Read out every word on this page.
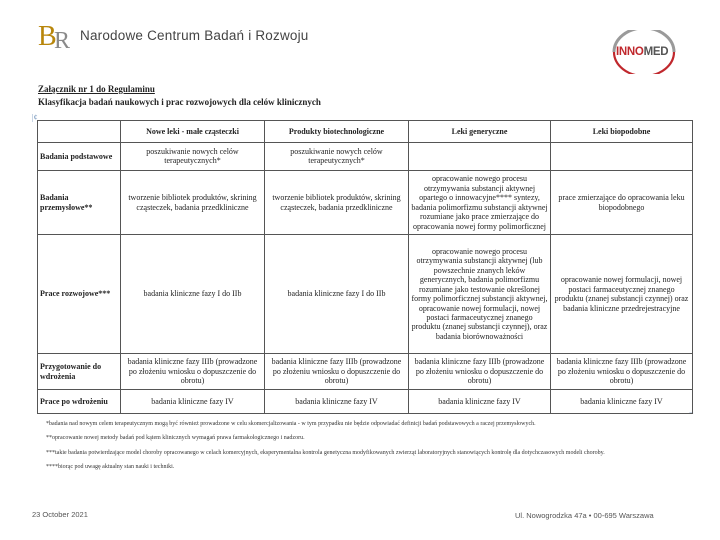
B
R Narodowe Centrum Badań i Rozwoju
INNOMED
Załącznik nr 1 do Regulaminu
Klasyfikacja badań naukowych i prac rozwojowych dla celów klinicznych
|¢
=
	Nowe leki - małe cząsteczki	Produkty biotechnologiczne	Leki generyczne	Leki biopodobne
Badania podstawowe	poszukiwanie nowych celów terapeutycznych*	poszukiwanie nowych celów terapeutycznych*		
Badania przemysłowe**	tworzenie bibliotek produktów, skrining cząsteczek, badania przedkliniczne	tworzenie bibliotek produktów, skrining cząsteczek, badania przedkliniczne	opracowanie nowego procesu otrzymywania substancji aktywnej opartego o innowacyjne**** syntezy, badania polimorfizmu substancji aktywnej rozumiane jako prace zmierzające do opracowania nowej formy polimorficznej	prace zmierzające do opracowania leku biopodobnego
Prace rozwojowe***	badania kliniczne fazy I do IIb	badania kliniczne fazy I do IIb	opracowanie nowego procesu otrzymywania substancji aktywnej (lub powszechnie znanych leków generycznych, badania polimorfizmu rozumiane jako testowanie określonej formy polimorficznej substancji aktywnej, opracowanie nowej formulacji, nowej postaci farmaceutycznej znanego produktu (znanej substancji czynnej), oraz badania biorównoważności	opracowanie nowej formulacji, nowej postaci farmaceutycznej znanego produktu (znanej substancji czynnej) oraz badania kliniczne przedrejestracyjne
Przygotowanie do wdrożenia	badania kliniczne fazy IIIb (prowadzone po złożeniu wniosku o dopuszczenie do obrotu)	badania kliniczne fazy IIIb (prowadzone po złożeniu wniosku o dopuszczenie do obrotu)	badania kliniczne fazy IIIb (prowadzone po złożeniu wniosku o dopuszczenie do obrotu)	badania kliniczne fazy IIIb (prowadzone po złożeniu wniosku o dopuszczenie do obrotu)
Prace po wdrożeniu	badania kliniczne fazy IV	badania kliniczne fazy IV	badania kliniczne fazy IV	badania kliniczne fazy IV
*badania nad nowym celem terapeutycznym mogą być również prowadzone w celu skomercjalizowania - w tym przypadku nie będzie odpowiadać definicji badań podstawowych a raczej przemysłowych.
**opracowanie nowej metody badań pod kątem klinicznych wymagań prawa farmakologicznego i nadzoru.
***takie badania potwierdzające model choroby opracowanego w celach komercyjnych, eksperymentalna kontrola genetyczna modyfikowanych zwierząt laboratoryjnych stanowiących kontrolę dla dotychczasowych modeli choroby.
****biorąc pod uwagę aktualny stan nauki i techniki.
23 October 2021	Ul. Nowogrodzka 47a • 00-695 Warszawa
